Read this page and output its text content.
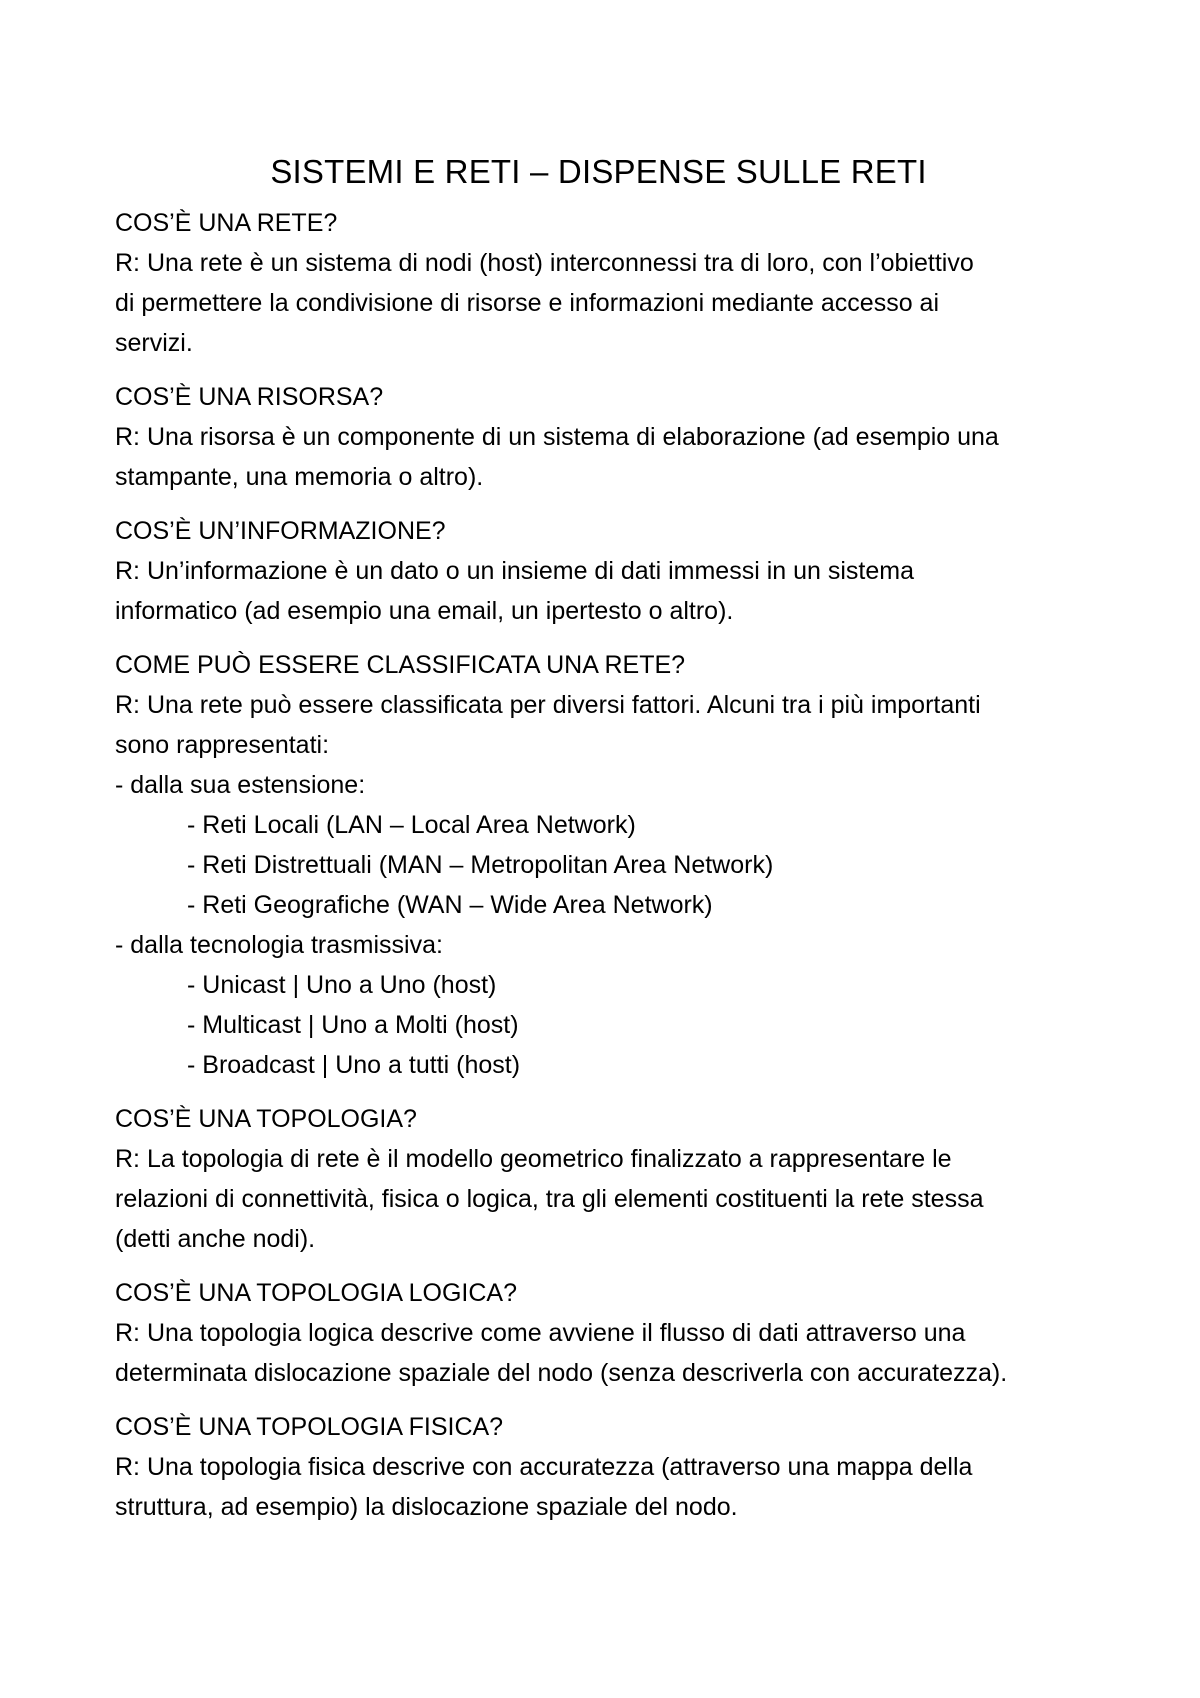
SISTEMI E RETI – DISPENSE SULLE RETI
COS’È UNA RETE?
R: Una rete è un sistema di nodi (host) interconnessi tra di loro, con l’obiettivo
di permettere la condivisione di risorse e informazioni mediante accesso ai
servizi.
COS’È UNA RISORSA?
R: Una risorsa è un componente di un sistema di elaborazione (ad esempio una
stampante, una memoria o altro).
COS’È UN’INFORMAZIONE?
R: Un’informazione è un dato o un insieme di dati immessi in un sistema
informatico (ad esempio una email, un ipertesto o altro).
COME PUÒ ESSERE CLASSIFICATA UNA RETE?
R: Una rete può essere classificata per diversi fattori. Alcuni tra i più importanti
sono rappresentati:
- dalla sua estensione:
- Reti Locali (LAN – Local Area Network)
- Reti Distrettuali (MAN – Metropolitan Area Network)
- Reti Geografiche (WAN – Wide Area Network)
- dalla tecnologia trasmissiva:
- Unicast | Uno a Uno (host)
- Multicast | Uno a Molti (host)
- Broadcast | Uno a tutti (host)
COS’È UNA TOPOLOGIA?
R: La topologia di rete è il modello geometrico finalizzato a rappresentare le
relazioni di connettività, fisica o logica, tra gli elementi costituenti la rete stessa
(detti anche nodi).
COS’È UNA TOPOLOGIA LOGICA?
R: Una topologia logica descrive come avviene il flusso di dati attraverso una
determinata dislocazione spaziale del nodo (senza descriverla con accuratezza).
COS’È UNA TOPOLOGIA FISICA?
R: Una topologia fisica descrive con accuratezza (attraverso una mappa della
struttura, ad esempio) la dislocazione spaziale del nodo.
